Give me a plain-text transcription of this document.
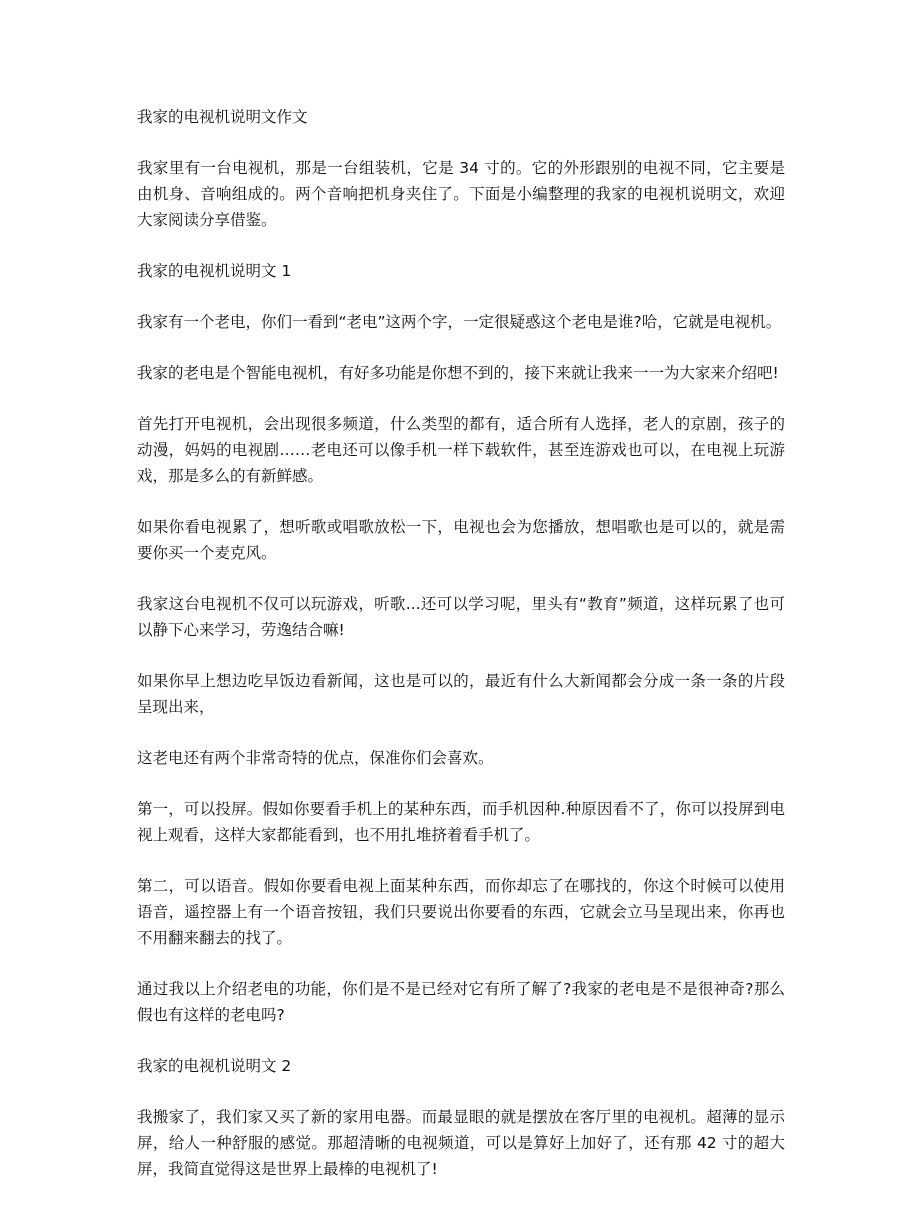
我家的电视机说明文作文

我家里有一台电视机，那是一台组装机，它是 34 寸的。它的外形跟别的电视不同，它主要是由机身、音响组成的。两个音响把机身夹住了。下面是小编整理的我家的电视机说明文，欢迎大家阅读分享借鉴。

我家的电视机说明文 1

我家有一个老电，你们一看到“老电”这两个字，一定很疑惑这个老电是谁?哈，它就是电视机。

我家的老电是个智能电视机，有好多功能是你想不到的，接下来就让我来一一为大家来介绍吧!

首先打开电视机，会出现很多频道，什么类型的都有，适合所有人选择，老人的京剧，孩子的动漫，妈妈的电视剧……老电还可以像手机一样下载软件，甚至连游戏也可以，在电视上玩游戏，那是多么的有新鲜感。

如果你看电视累了，想听歌或唱歌放松一下，电视也会为您播放，想唱歌也是可以的，就是需要你买一个麦克风。

我家这台电视机不仅可以玩游戏，听歌...还可以学习呢，里头有“教育”频道，这样玩累了也可以静下心来学习，劳逸结合嘛!

如果你早上想边吃早饭边看新闻，这也是可以的，最近有什么大新闻都会分成一条一条的片段呈现出来，

这老电还有两个非常奇特的优点，保准你们会喜欢。

第一，可以投屏。假如你要看手机上的某种东西，而手机因种.种原因看不了，你可以投屏到电视上观看，这样大家都能看到，也不用扎堆挤着看手机了。

第二，可以语音。假如你要看电视上面某种东西，而你却忘了在哪找的，你这个时候可以使用语音，遥控器上有一个语音按钮，我们只要说出你要看的东西，它就会立马呈现出来，你再也不用翻来翻去的找了。

通过我以上介绍老电的功能，你们是不是已经对它有所了解了?我家的老电是不是很神奇?那么假也有这样的老电吗?

我家的电视机说明文 2

我搬家了，我们家又买了新的家用电器。而最显眼的就是摆放在客厅里的电视机。超薄的显示屏，给人一种舒服的感觉。那超清晰的电视频道，可以是算好上加好了，还有那 42 寸的超大屏，我简直觉得这是世界上最棒的电视机了!
